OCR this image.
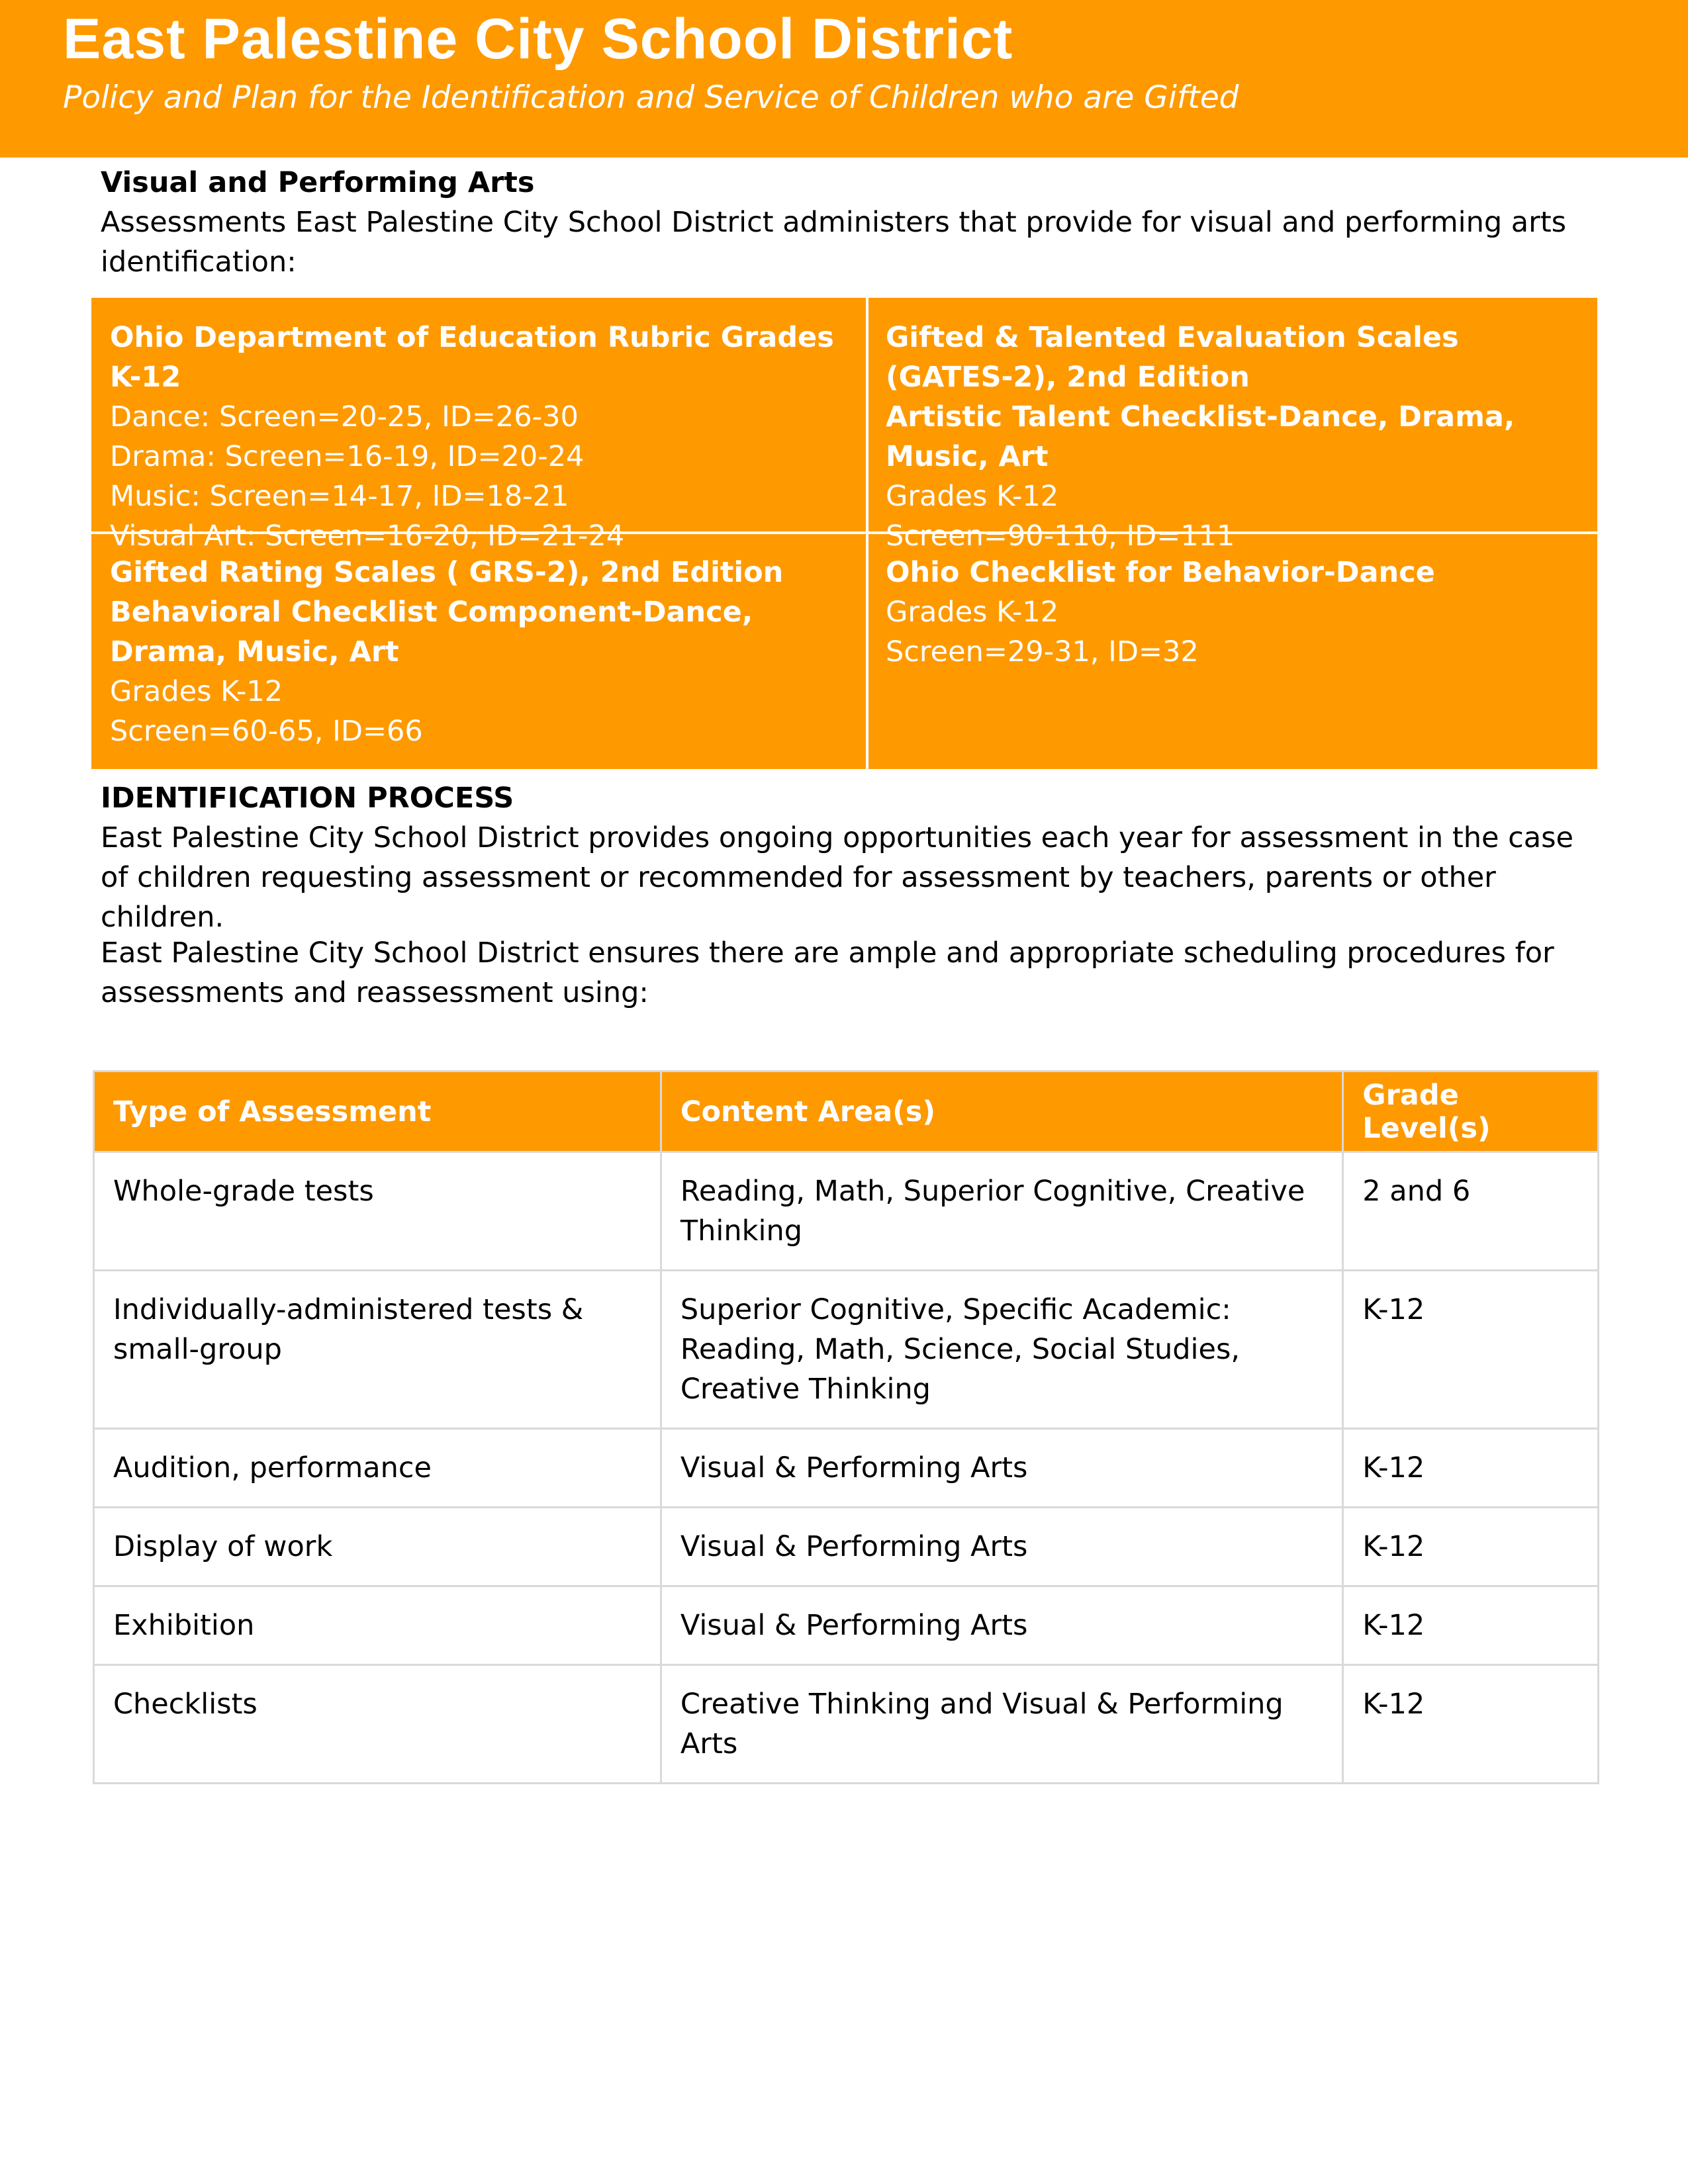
East Palestine City School District
Policy and Plan for the Identification and Service of Children who are Gifted
Visual and Performing Arts
Assessments East Palestine City School District administers that provide for visual and performing arts identification:
Ohio Department of Education Rubric Grades K-12
Dance: Screen=20-25, ID=26-30
Drama: Screen=16-19, ID=20-24
Music: Screen=14-17, ID=18-21
Visual Art: Screen=16-20, ID=21-24
Gifted & Talented Evaluation Scales (GATES-2), 2nd Edition
Artistic Talent Checklist-Dance, Drama, Music, Art
Grades K-12
Screen=90-110, ID=111
Gifted Rating Scales ( GRS-2), 2nd Edition
Behavioral Checklist Component-Dance, Drama, Music, Art
Grades K-12
Screen=60-65, ID=66
Ohio Checklist for Behavior-Dance
Grades K-12
Screen=29-31, ID=32
IDENTIFICATION PROCESS
East Palestine City School District provides ongoing opportunities each year for assessment in the case of children requesting assessment or recommended for assessment by teachers, parents or other children.
East Palestine City School District ensures there are ample and appropriate scheduling procedures for assessments and reassessment using:
Type of Assessment	Content Area(s)	Grade Level(s)
Whole-grade tests	Reading, Math, Superior Cognitive, Creative Thinking	2 and 6
Individually-administered tests & small-group	Superior Cognitive, Specific Academic: Reading, Math, Science, Social Studies, Creative Thinking	K-12
Audition, performance	Visual & Performing Arts	K-12
Display of work	Visual & Performing Arts	K-12
Exhibition	Visual & Performing Arts	K-12
Checklists	Creative Thinking and Visual & Performing Arts	K-12
